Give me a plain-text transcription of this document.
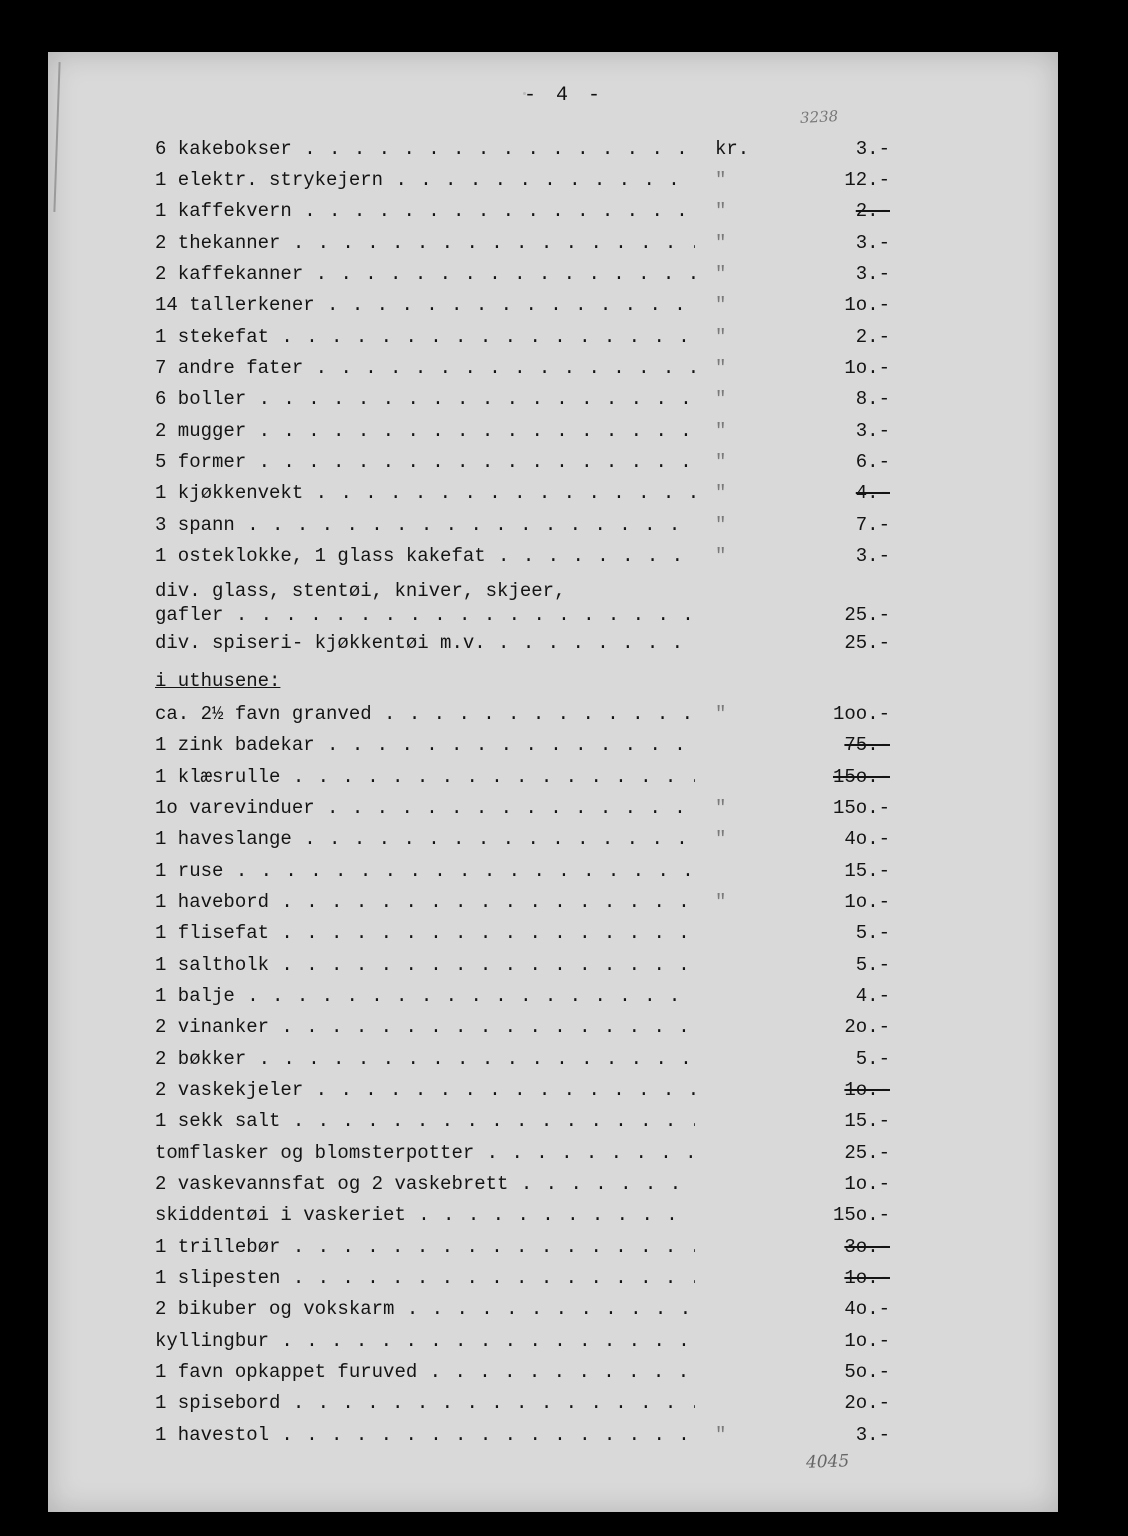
- 4 -
3238
i uthusene:
4045
6 kakebokser . . .	kr.	3.-
1 elektr. strykejern . . .	"	12.-
1 kaffekvern . . .	"	2.-
2 thekanner . . .	"	3.-
2 kaffekanner . . .	"	3.-
14 tallerkener . . .	"	1o.-
1 stekefat . . .	"	2.-
7 andre fater . . .	"	1o.-
6 boller . . .	"	8.-
2 mugger . . .	"	3.-
5 former . . .	"	6.-
1 kjøkkenvekt . . .	"	4.-
3 spann . . .	"	7.-
1 osteklokke, 1 glass kakefat . . .	"	3.-
div. glass, stentøi, kniver, skjeer,
gafler . . .	25.-
div. spiseri- kjøkkentøi m.v. . . .	25.-
ca. 2½ favn granved . . .	"	1oo.-
1 zink badekar . . .	75.-
1 klæsrulle . . .	15o.-
1o varevinduer . . .	"	15o.-
1 haveslange . . .	"	4o.-
1 ruse . . .	15.-
1 havebord . . .	"	1o.-
1 flisefat . . .	5.-
1 saltholk . . .	5.-
1 balje . . .	4.-
2 vinanker . . .	2o.-
2 bøkker . . .	5.-
2 vaskekjeler . . .	1o.-
1 sekk salt . . .	15.-
tomflasker og blomsterpotter . . .	25.-
2 vaskevannsfat og 2 vaskebrett . . .	1o.-
skiddentøi i vaskeriet . . .	15o.-
1 trillebør . . .	3o.-
1 slipesten . . .	1o.-
2 bikuber og vokskarm . . .	4o.-
kyllingbur . . .	1o.-
1 favn opkappet furuved . . .	5o.-
1 spisebord . . .	2o.-
1 havestol . . .	"	3.-
